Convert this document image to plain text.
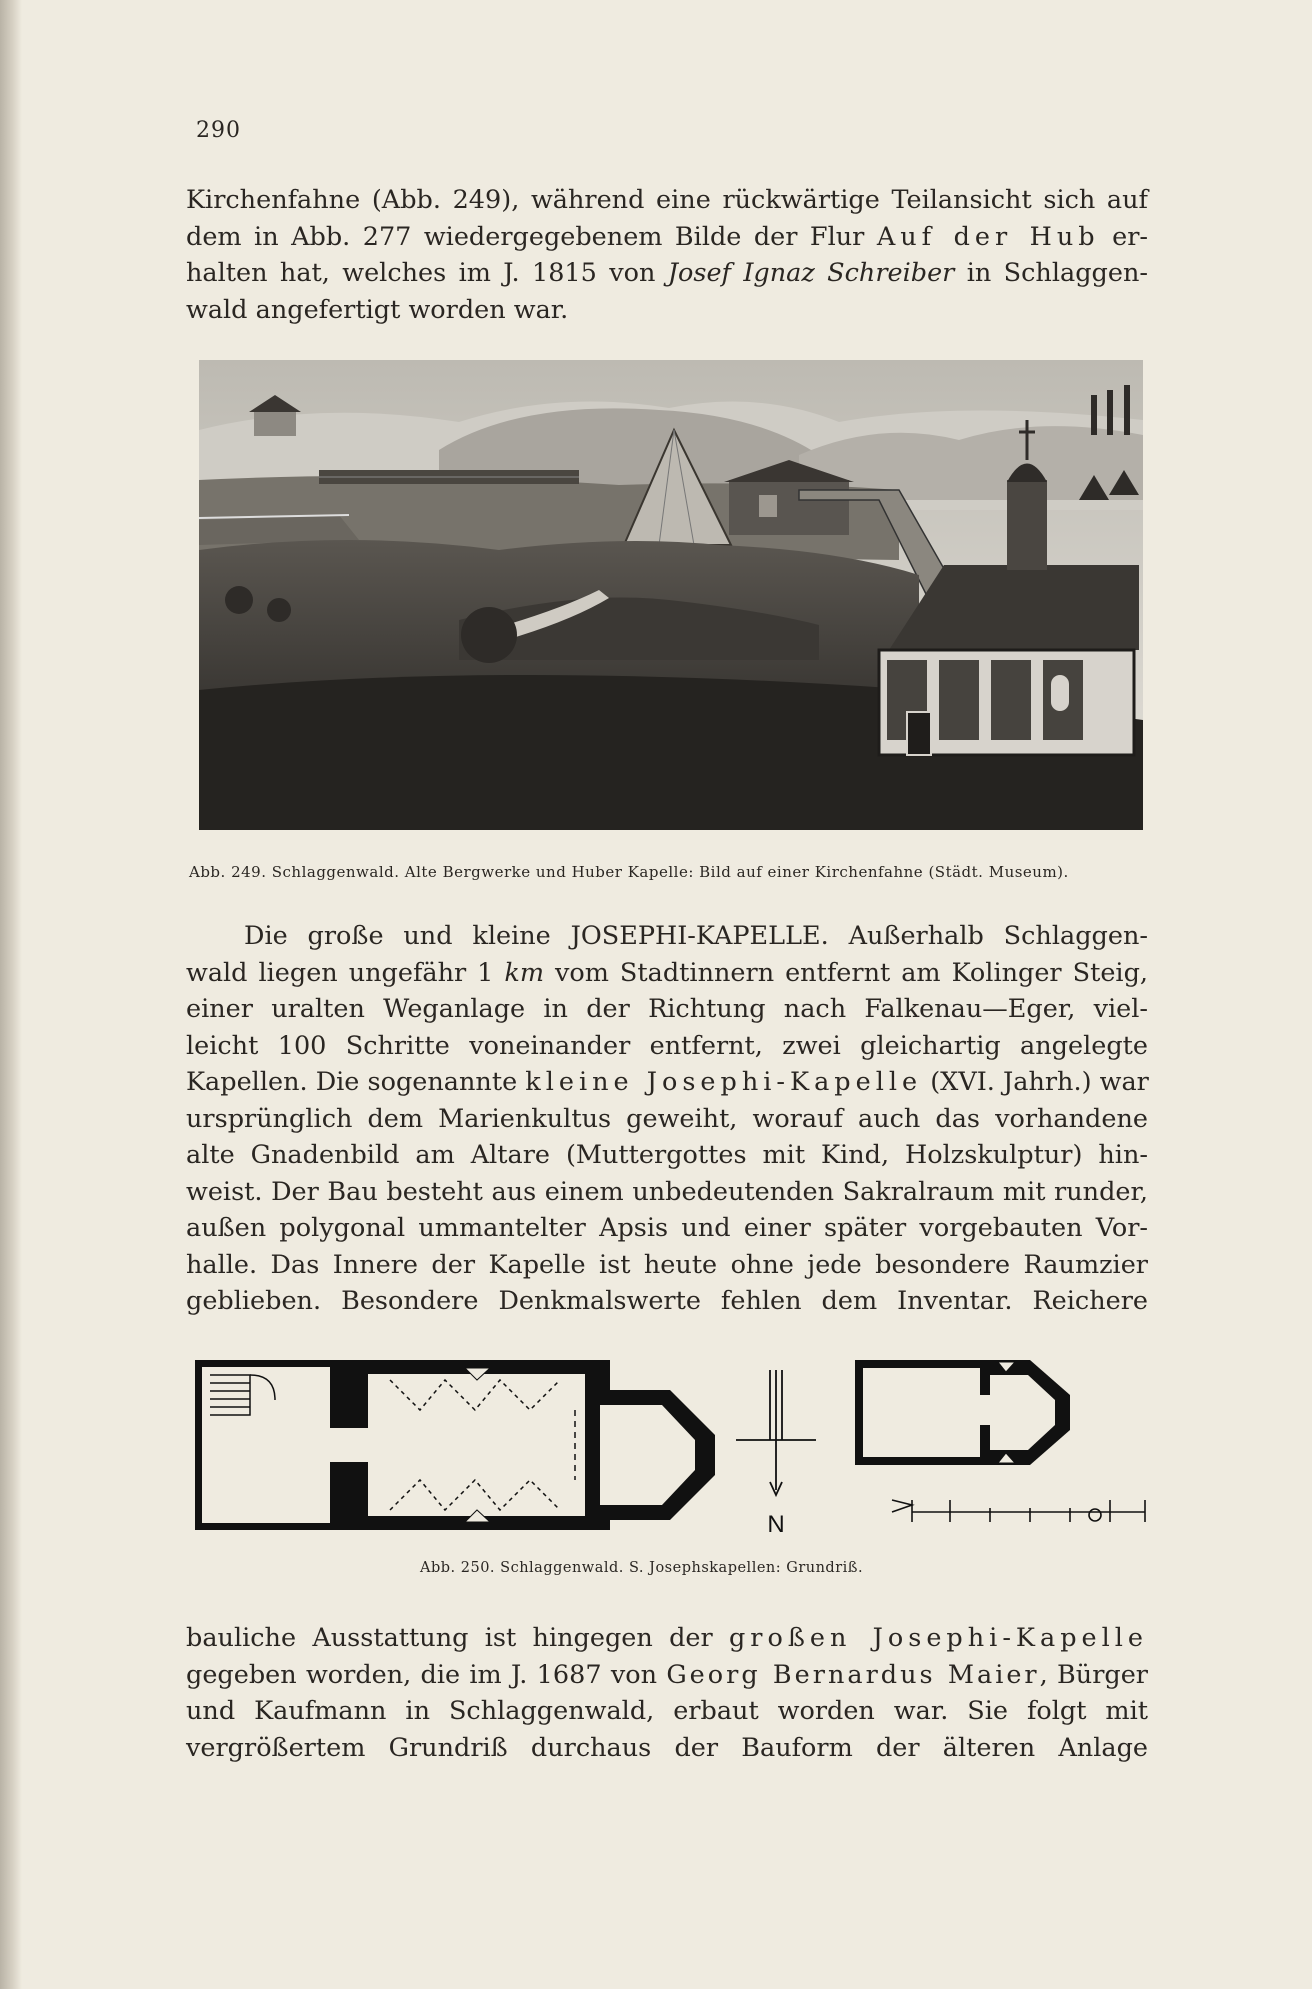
290

Kirchenfahne (Abb. 249), während eine rückwärtige Teilansicht sich auf
dem in Abb. 277 wiedergegebenem Bilde der Flur Auf der Hub er-
halten hat, welches im J. 1815 von Josef Ignaz Schreiber in Schlaggen-
wald angefertigt worden war.

Abb. 249. Schlaggenwald. Alte Bergwerke und Huber Kapelle: Bild auf einer Kirchenfahne (Städt. Museum).

Die große und kleine JOSEPHI-KAPELLE. Außerhalb Schlaggen-
wald liegen ungefähr 1 km vom Stadtinnern entfernt am Kolinger Steig,
einer uralten Weganlage in der Richtung nach Falkenau—Eger, viel-
leicht 100 Schritte voneinander entfernt, zwei gleichartig angelegte
Kapellen. Die sogenannte kleine Josephi-Kapelle (XVI. Jahrh.) war
ursprünglich dem Marienkultus geweiht, worauf auch das vorhandene
alte Gnadenbild am Altare (Muttergottes mit Kind, Holzskulptur) hin-
weist. Der Bau besteht aus einem unbedeutenden Sakralraum mit runder,
außen polygonal ummantelter Apsis und einer später vorgebauten Vor-
halle. Das Innere der Kapelle ist heute ohne jede besondere Raumzier
geblieben. Besondere Denkmalswerte fehlen dem Inventar. Reichere

N
Abb. 250. Schlaggenwald. S. Josephskapellen: Grundriß.

bauliche Ausstattung ist hingegen der großen Josephi-Kapelle
gegeben worden, die im J. 1687 von Georg Bernardus Maier, Bürger
und Kaufmann in Schlaggenwald, erbaut worden war. Sie folgt mit
vergrößertem Grundriß durchaus der Bauform der älteren Anlage
